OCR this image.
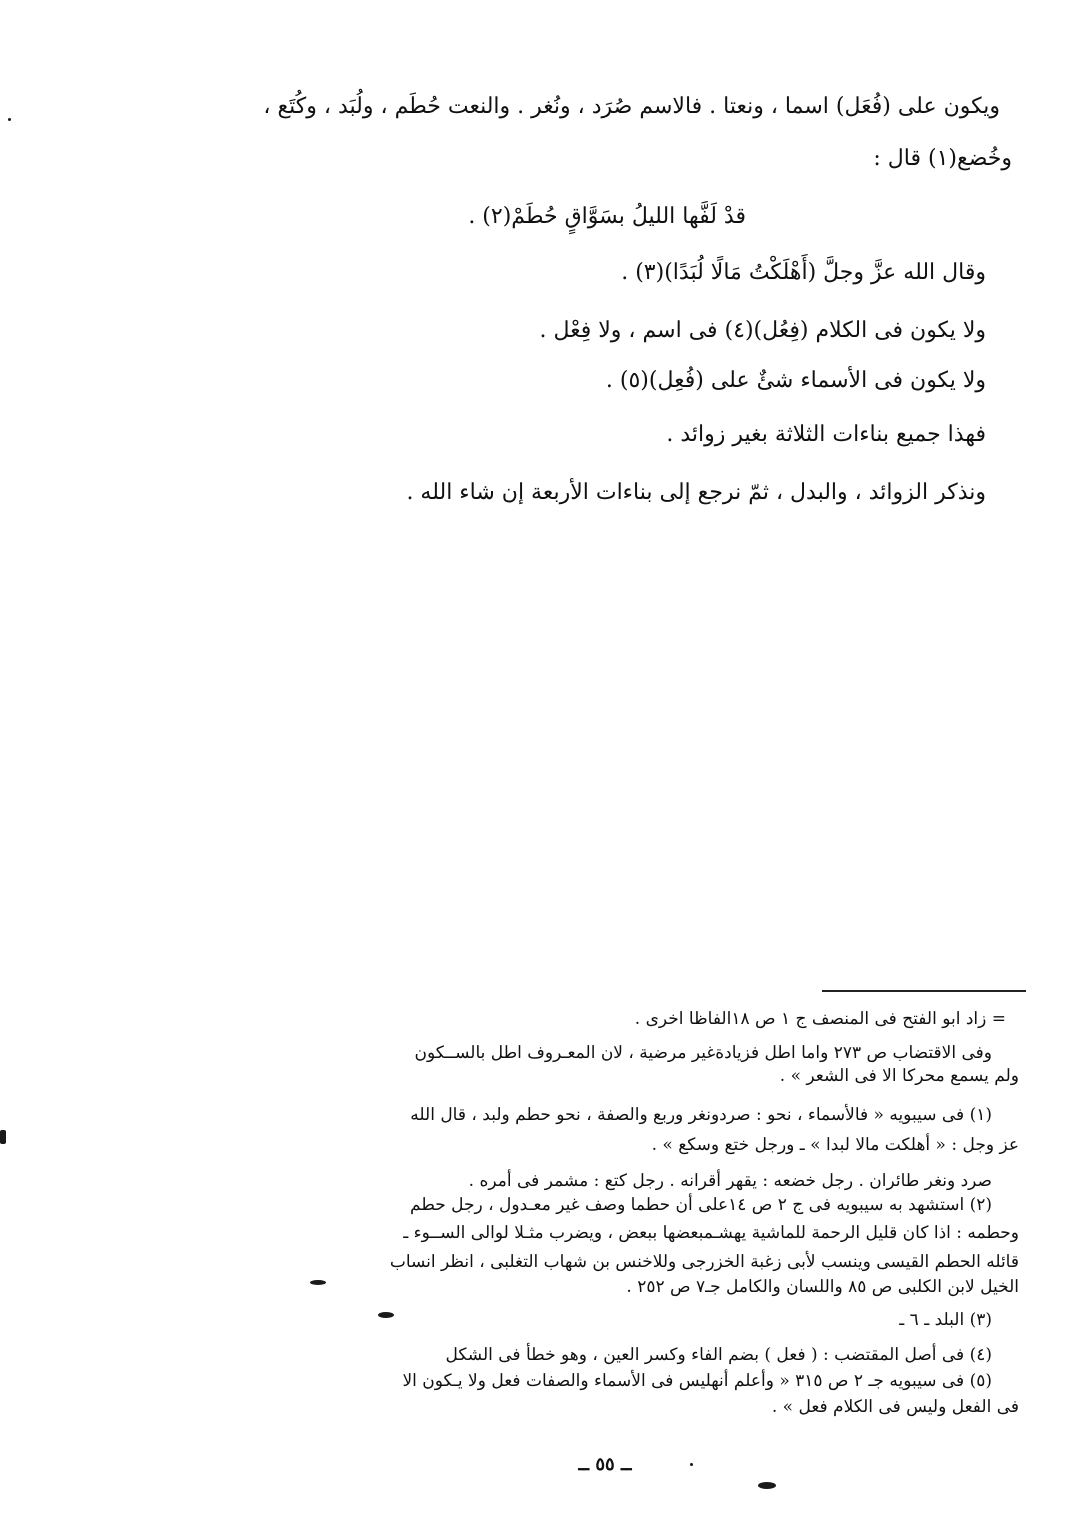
ويكون على (فُعَل) اسما ، ونعتا . فالاسم صُرَد ، ونُغر . والنعت حُطَم ، ولُبَد ، وكُتَع ،
وخُضع(١) قال :
قدْ لَفَّها الليلُ بسَوَّاقٍ حُطَمْ(٢) .
وقال الله عزَّ وجلَّ (أَهْلَكْتُ مَالًا لُبَدًا)(٣) .
ولا يكون فى الكلام (فِعُل)(٤) فى اسم ، ولا فِعْل .
ولا يكون فى الأسماء شئٌ على (فُعِل)(٥) .
فهذا جميع بناءات الثلاثة بغير زوائد .
ونذكر الزوائد ، والبدل ، ثمّ نرجع إلى بناءات الأربعة إن شاء الله .
= زاد ابو الفتح فى المنصف ج ١ ص ١٨الفاظا اخرى .
وفى الاقتضاب ص ٢٧٣ واما اطل فزيادةغير مرضية ، لان المعـروف اطل بالســكون
ولم يسمع محركا الا فى الشعر » .
(١) فى سيبويه « فالأسماء ، نحو : صردونغر وربع والصفة ، نحو حطم ولبد ، قال الله
عز وجل : « أهلكت مالا لبدا » ـ ورجل ختع وسكع » .
صرد ونغر طائران . رجل خضعه : يقهر أقرانه . رجل كتع : مشمر فى أمره .
(٢) استشهد به سيبويه فى ج ٢ ص ١٤على أن حطما وصف غير معـدول ، رجل حطم
وحطمه : اذا كان قليل الرحمة للماشية يهشـمبعضها ببعض ، ويضرب مثـلا لوالى الســوء ـ
قائله الحطم القيسى وينسب لأبى زغبة الخزرجى وللاخنس بن شهاب التغلبى ، انظر انساب
الخيل لابن الكلبى ص ٨٥ واللسان والكامل جـ٧ ص ٢٥٢ .
(٣) البلد ـ ٦ ـ
(٤) فى أصل المقتضب : ( فعل ) بضم الفاء وكسر العين ، وهو خطأ فى الشكل
(٥) فى سيبويه جـ ٢ ص ٣١٥ « وأعلم أنهليس فى الأسماء والصفات فعل ولا يـكون الا
فى الفعل وليس فى الكلام فعل » .
ــ ٥٥ ــ
